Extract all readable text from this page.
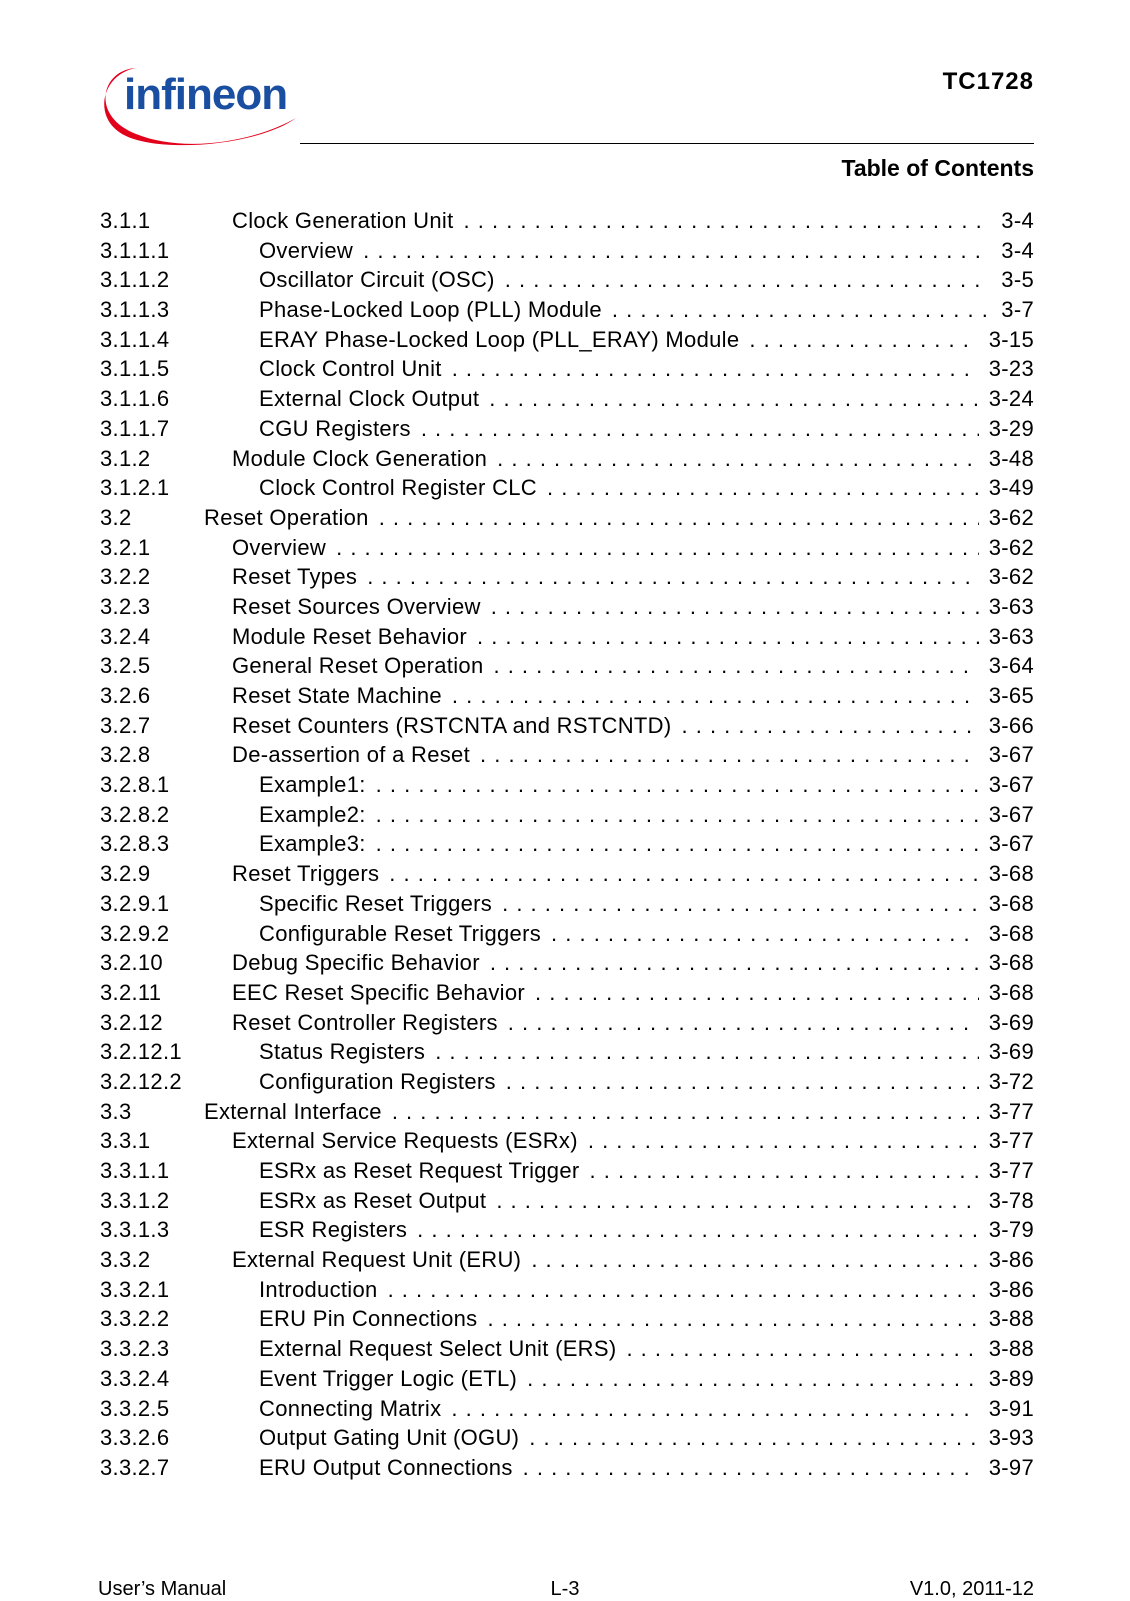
infineon	TC1728
Table of Contents
3.1.1	Clock Generation Unit . . .	3-4
3.1.1.1	Overview . . .	3-4
3.1.1.2	Oscillator Circuit (OSC) . . .	3-5
3.1.1.3	Phase-Locked Loop (PLL) Module . . .	3-7
3.1.1.4	ERAY Phase-Locked Loop (PLL_ERAY) Module . . .	3-15
3.1.1.5	Clock Control Unit . . .	3-23
3.1.1.6	External Clock Output . . .	3-24
3.1.1.7	CGU Registers . . .	3-29
3.1.2	Module Clock Generation . . .	3-48
3.1.2.1	Clock Control Register CLC . . .	3-49
3.2	Reset Operation . . .	3-62
3.2.1	Overview . . .	3-62
3.2.2	Reset Types . . .	3-62
3.2.3	Reset Sources Overview . . .	3-63
3.2.4	Module Reset Behavior . . .	3-63
3.2.5	General Reset Operation . . .	3-64
3.2.6	Reset State Machine . . .	3-65
3.2.7	Reset Counters (RSTCNTA and RSTCNTD) . . .	3-66
3.2.8	De-assertion of a Reset . . .	3-67
3.2.8.1	Example1: . . .	3-67
3.2.8.2	Example2: . . .	3-67
3.2.8.3	Example3: . . .	3-67
3.2.9	Reset Triggers . . .	3-68
3.2.9.1	Specific Reset Triggers . . .	3-68
3.2.9.2	Configurable Reset Triggers . . .	3-68
3.2.10	Debug Specific Behavior . . .	3-68
3.2.11	EEC Reset Specific Behavior . . .	3-68
3.2.12	Reset Controller Registers . . .	3-69
3.2.12.1	Status Registers . . .	3-69
3.2.12.2	Configuration Registers . . .	3-72
3.3	External Interface . . .	3-77
3.3.1	External Service Requests (ESRx) . . .	3-77
3.3.1.1	ESRx as Reset Request Trigger . . .	3-77
3.3.1.2	ESRx as Reset Output . . .	3-78
3.3.1.3	ESR Registers . . .	3-79
3.3.2	External Request Unit (ERU) . . .	3-86
3.3.2.1	Introduction . . .	3-86
3.3.2.2	ERU Pin Connections . . .	3-88
3.3.2.3	External Request Select Unit (ERS) . . .	3-88
3.3.2.4	Event Trigger Logic (ETL) . . .	3-89
3.3.2.5	Connecting Matrix . . .	3-91
3.3.2.6	Output Gating Unit (OGU) . . .	3-93
3.3.2.7	ERU Output Connections . . .	3-97
User’s Manual	L-3	V1.0, 2011-12
